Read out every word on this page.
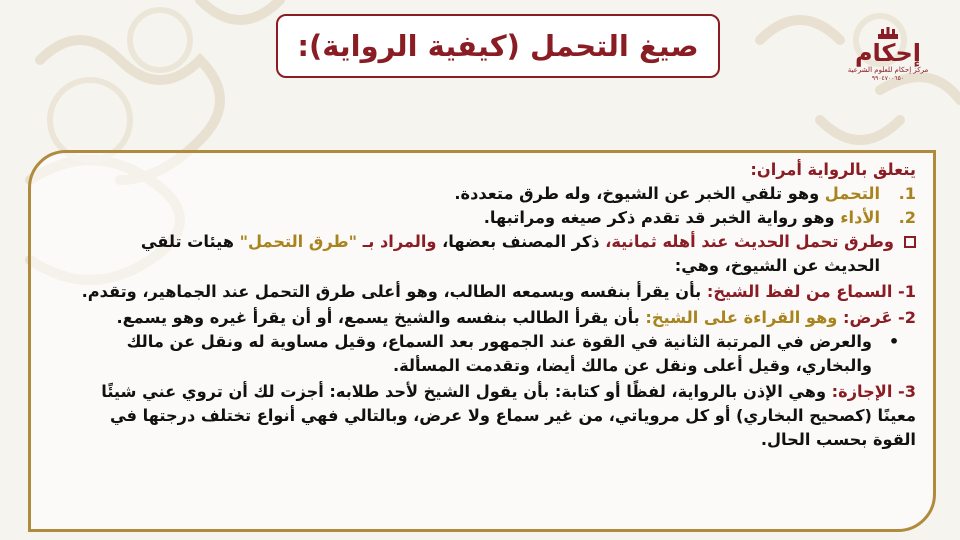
صيغ التحمل (كيفية الرواية):	إحكام
مركز إحكام للعلوم الشرعية
٩٩٠٤٧٠٠٦٥٠
يتعلق بالرواية أمران:
1.التحمل وهو تلقي الخبر عن الشيوخ، وله طرق متعددة.
2.الأداء وهو رواية الخبر قد تقدم ذكر صيغه ومراتبها.
وطرق تحمل الحديث عند أهله ثمانية، ذكر المصنف بعضها، والمراد بـ "طرق التحمل" هيئات تلقي
الحديث عن الشيوخ، وهي:
1- السماع من لفظ الشيخ: بأن يقرأ بنفسه ويسمعه الطالب، وهو أعلى طرق التحمل عند الجماهير، وتقدم.
2- عَرض: وهو القراءة على الشيخ: بأن يقرأ الطالب بنفسه والشيخ يسمع، أو أن يقرأ غيره وهو يسمع.
•والعرض في المرتبة الثانية في القوة عند الجمهور بعد السماع، وقيل مساوية له ونقل عن مالك
والبخاري، وقيل أعلى ونقل عن مالك أيضا، وتقدمت المسألة.
3- الإجازة: وهي الإذن بالرواية، لفظًا أو كتابة: بأن يقول الشيخ لأحد طلابه: أجزت لك أن تروي عني شيئًا
معينًا (كصحيح البخاري) أو كل مروياتي، من غير سماع ولا عرض، وبالتالي فهي أنواع تختلف درجتها في
القوة بحسب الحال.
